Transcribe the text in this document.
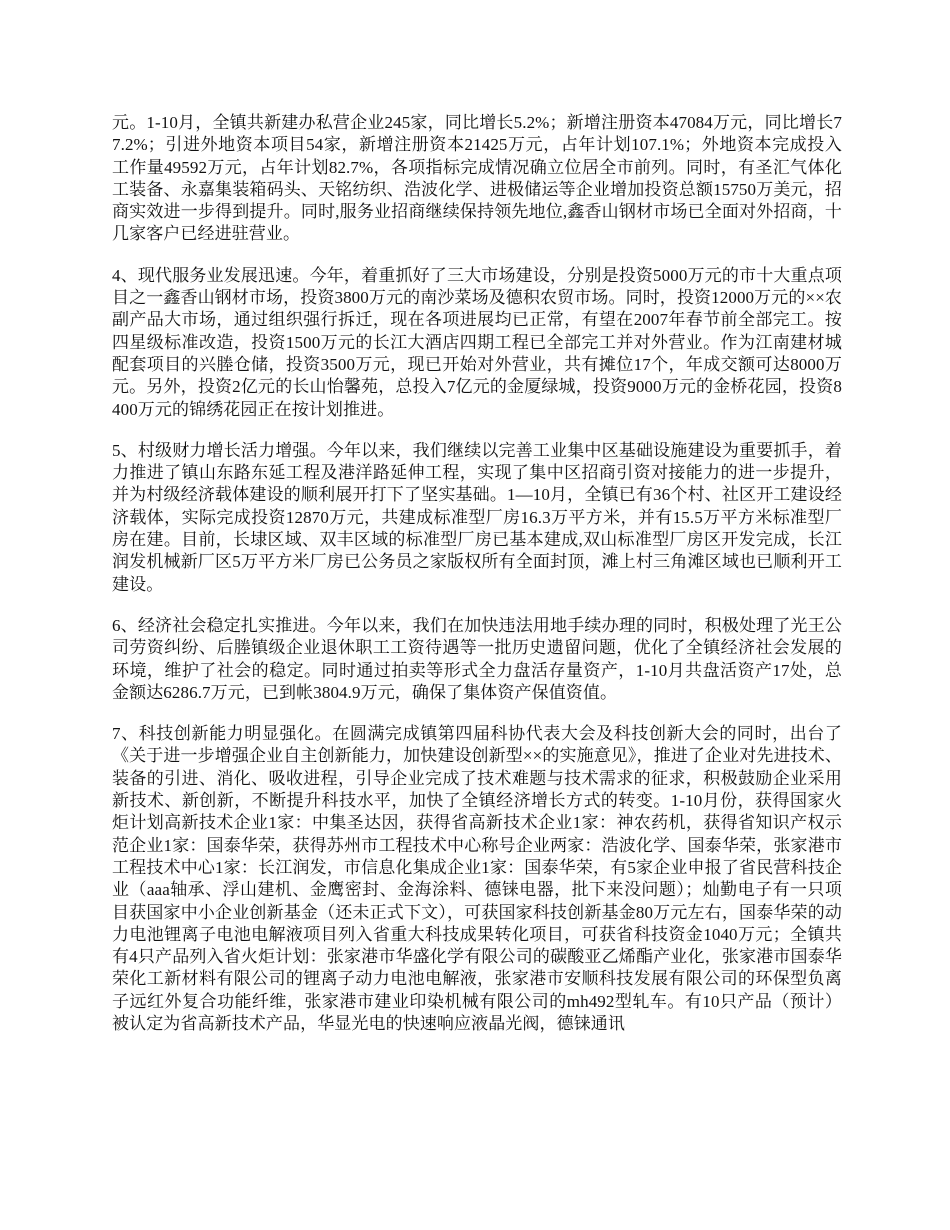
元。1-10月，全镇共新建办私营企业245家，同比增长5.2%；新增注册资本47084万元，同比增长77.2%；引进外地资本项目54家，新增注册资本21425万元，占年计划107.1%；外地资本完成投入工作量49592万元，占年计划82.7%，各项指标完成情况确立位居全市前列。同时，有圣汇气体化工装备、永嘉集装箱码头、天铭纺织、浩波化学、进极储运等企业增加投资总额15750万美元，招商实效进一步得到提升。同时,服务业招商继续保持领先地位,鑫香山钢材市场已全面对外招商，十几家客户已经进驻营业。

4、现代服务业发展迅速。今年，着重抓好了三大市场建设，分别是投资5000万元的市十大重点项目之一鑫香山钢材市场，投资3800万元的南沙菜场及德积农贸市场。同时，投资12000万元的××农副产品大市场，通过组织强行拆迁，现在各项进展均已正常，有望在2007年春节前全部完工。按四星级标准改造，投资1500万元的长江大酒店四期工程已全部完工并对外营业。作为江南建材城配套项目的兴塍仓储，投资3500万元，现已开始对外营业，共有摊位17个，年成交额可达8000万元。另外，投资2亿元的长山怡馨苑，总投入7亿元的金厦绿城，投资9000万元的金桥花园，投资8400万元的锦绣花园正在按计划推进。

5、村级财力增长活力增强。今年以来，我们继续以完善工业集中区基础设施建设为重要抓手，着力推进了镇山东路东延工程及港洋路延伸工程，实现了集中区招商引资对接能力的进一步提升，并为村级经济载体建设的顺利展开打下了坚实基础。1—10月，全镇已有36个村、社区开工建设经济载体，实际完成投资12870万元，共建成标准型厂房16.3万平方米，并有15.5万平方米标准型厂房在建。目前，长埭区域、双丰区域的标准型厂房已基本建成,双山标准型厂房区开发完成，长江润发机械新厂区5万平方米厂房已公务员之家版权所有全面封顶，滩上村三角滩区域也已顺利开工建设。

6、经济社会稳定扎实推进。今年以来，我们在加快违法用地手续办理的同时，积极处理了光王公司劳资纠纷、后塍镇级企业退休职工工资待遇等一批历史遗留问题，优化了全镇经济社会发展的环境，维护了社会的稳定。同时通过拍卖等形式全力盘活存量资产，1-10月共盘活资产17处，总金额达6286.7万元，已到帐3804.9万元，确保了集体资产保值资值。

7、科技创新能力明显强化。在圆满完成镇第四届科协代表大会及科技创新大会的同时，出台了《关于进一步增强企业自主创新能力，加快建设创新型××的实施意见》，推进了企业对先进技术、装备的引进、消化、吸收进程，引导企业完成了技术难题与技术需求的征求，积极鼓励企业采用新技术、新创新，不断提升科技水平，加快了全镇经济增长方式的转变。1-10月份，获得国家火炬计划高新技术企业1家：中集圣达因，获得省高新技术企业1家：神农药机，获得省知识产权示范企业1家：国泰华荣，获得苏州市工程技术中心称号企业两家：浩波化学、国泰华荣，张家港市工程技术中心1家：长江润发，市信息化集成企业1家：国泰华荣，有5家企业申报了省民营科技企业（aaa轴承、浮山建机、金鹰密封、金海涂料、德铼电器，批下来没问题）；灿勤电子有一只项目获国家中小企业创新基金（还未正式下文），可获国家科技创新基金80万元左右，国泰华荣的动力电池锂离子电池电解液项目列入省重大科技成果转化项目，可获省科技资金1040万元；全镇共有4只产品列入省火炬计划：张家港市华盛化学有限公司的碳酸亚乙烯酯产业化，张家港市国泰华荣化工新材料有限公司的锂离子动力电池电解液，张家港市安顺科技发展有限公司的环保型负离子远红外复合功能纤维，张家港市建业印染机械有限公司的mh492型轧车。有10只产品（预计）被认定为省高新技术产品，华显光电的快速响应液晶光阀，德铼通讯
